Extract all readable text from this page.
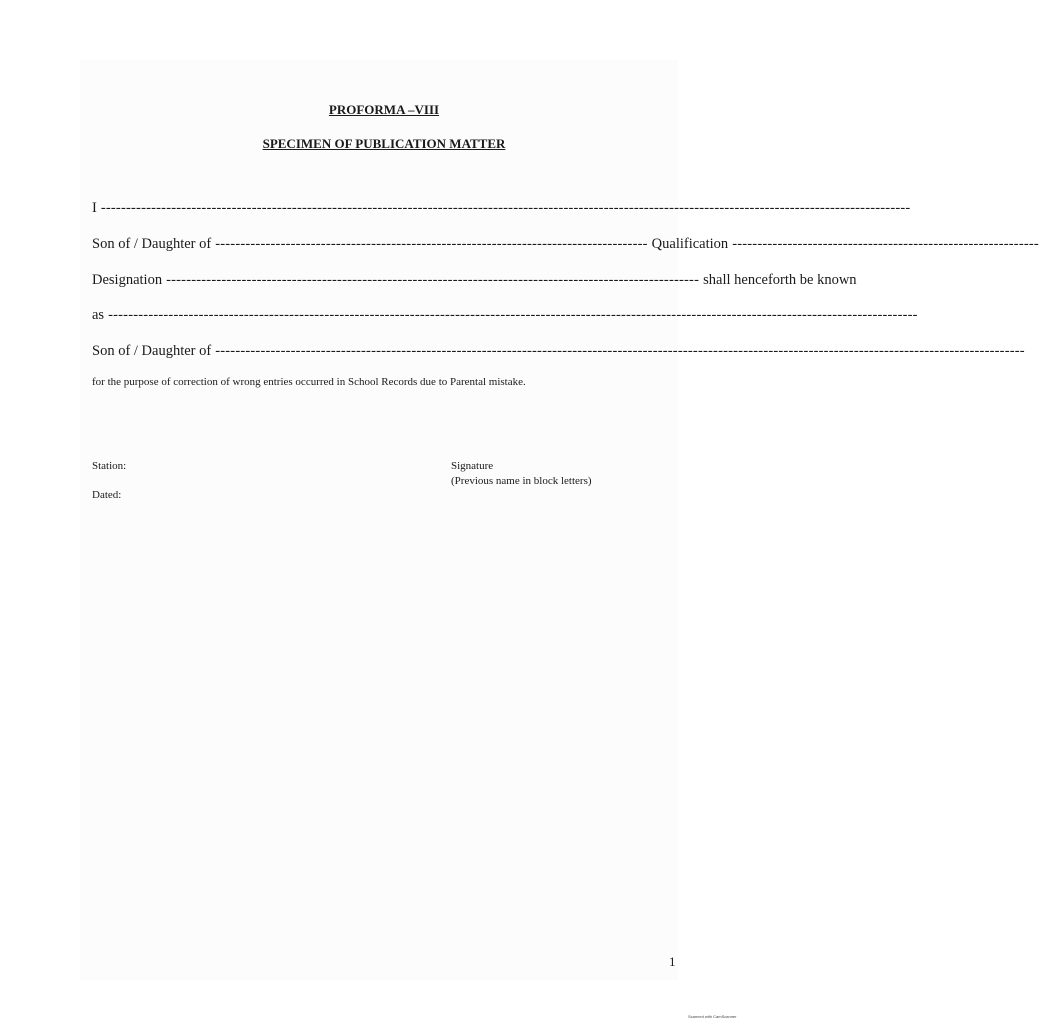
PROFORMA –VIII
SPECIMEN OF PUBLICATION MATTER
I -----------------------------------------------------------------------------------------------------------------------------------------------------------------
Son of / Daughter of -------------------------------------------------------------------------------------- Qualification -------------------------------------------------------------
Designation ---------------------------------------------------------------------------------------------------------- shall henceforth be known
as -----------------------------------------------------------------------------------------------------------------------------------------------------------------
Son of / Daughter of -----------------------------------------------------------------------------------------------------------------------------------------------------------------
for the purpose of correction of wrong entries occurred in School Records due to Parental mistake.
Station:
Dated:
Signature
(Previous name in block letters)
1
Scanned with CamScanner
